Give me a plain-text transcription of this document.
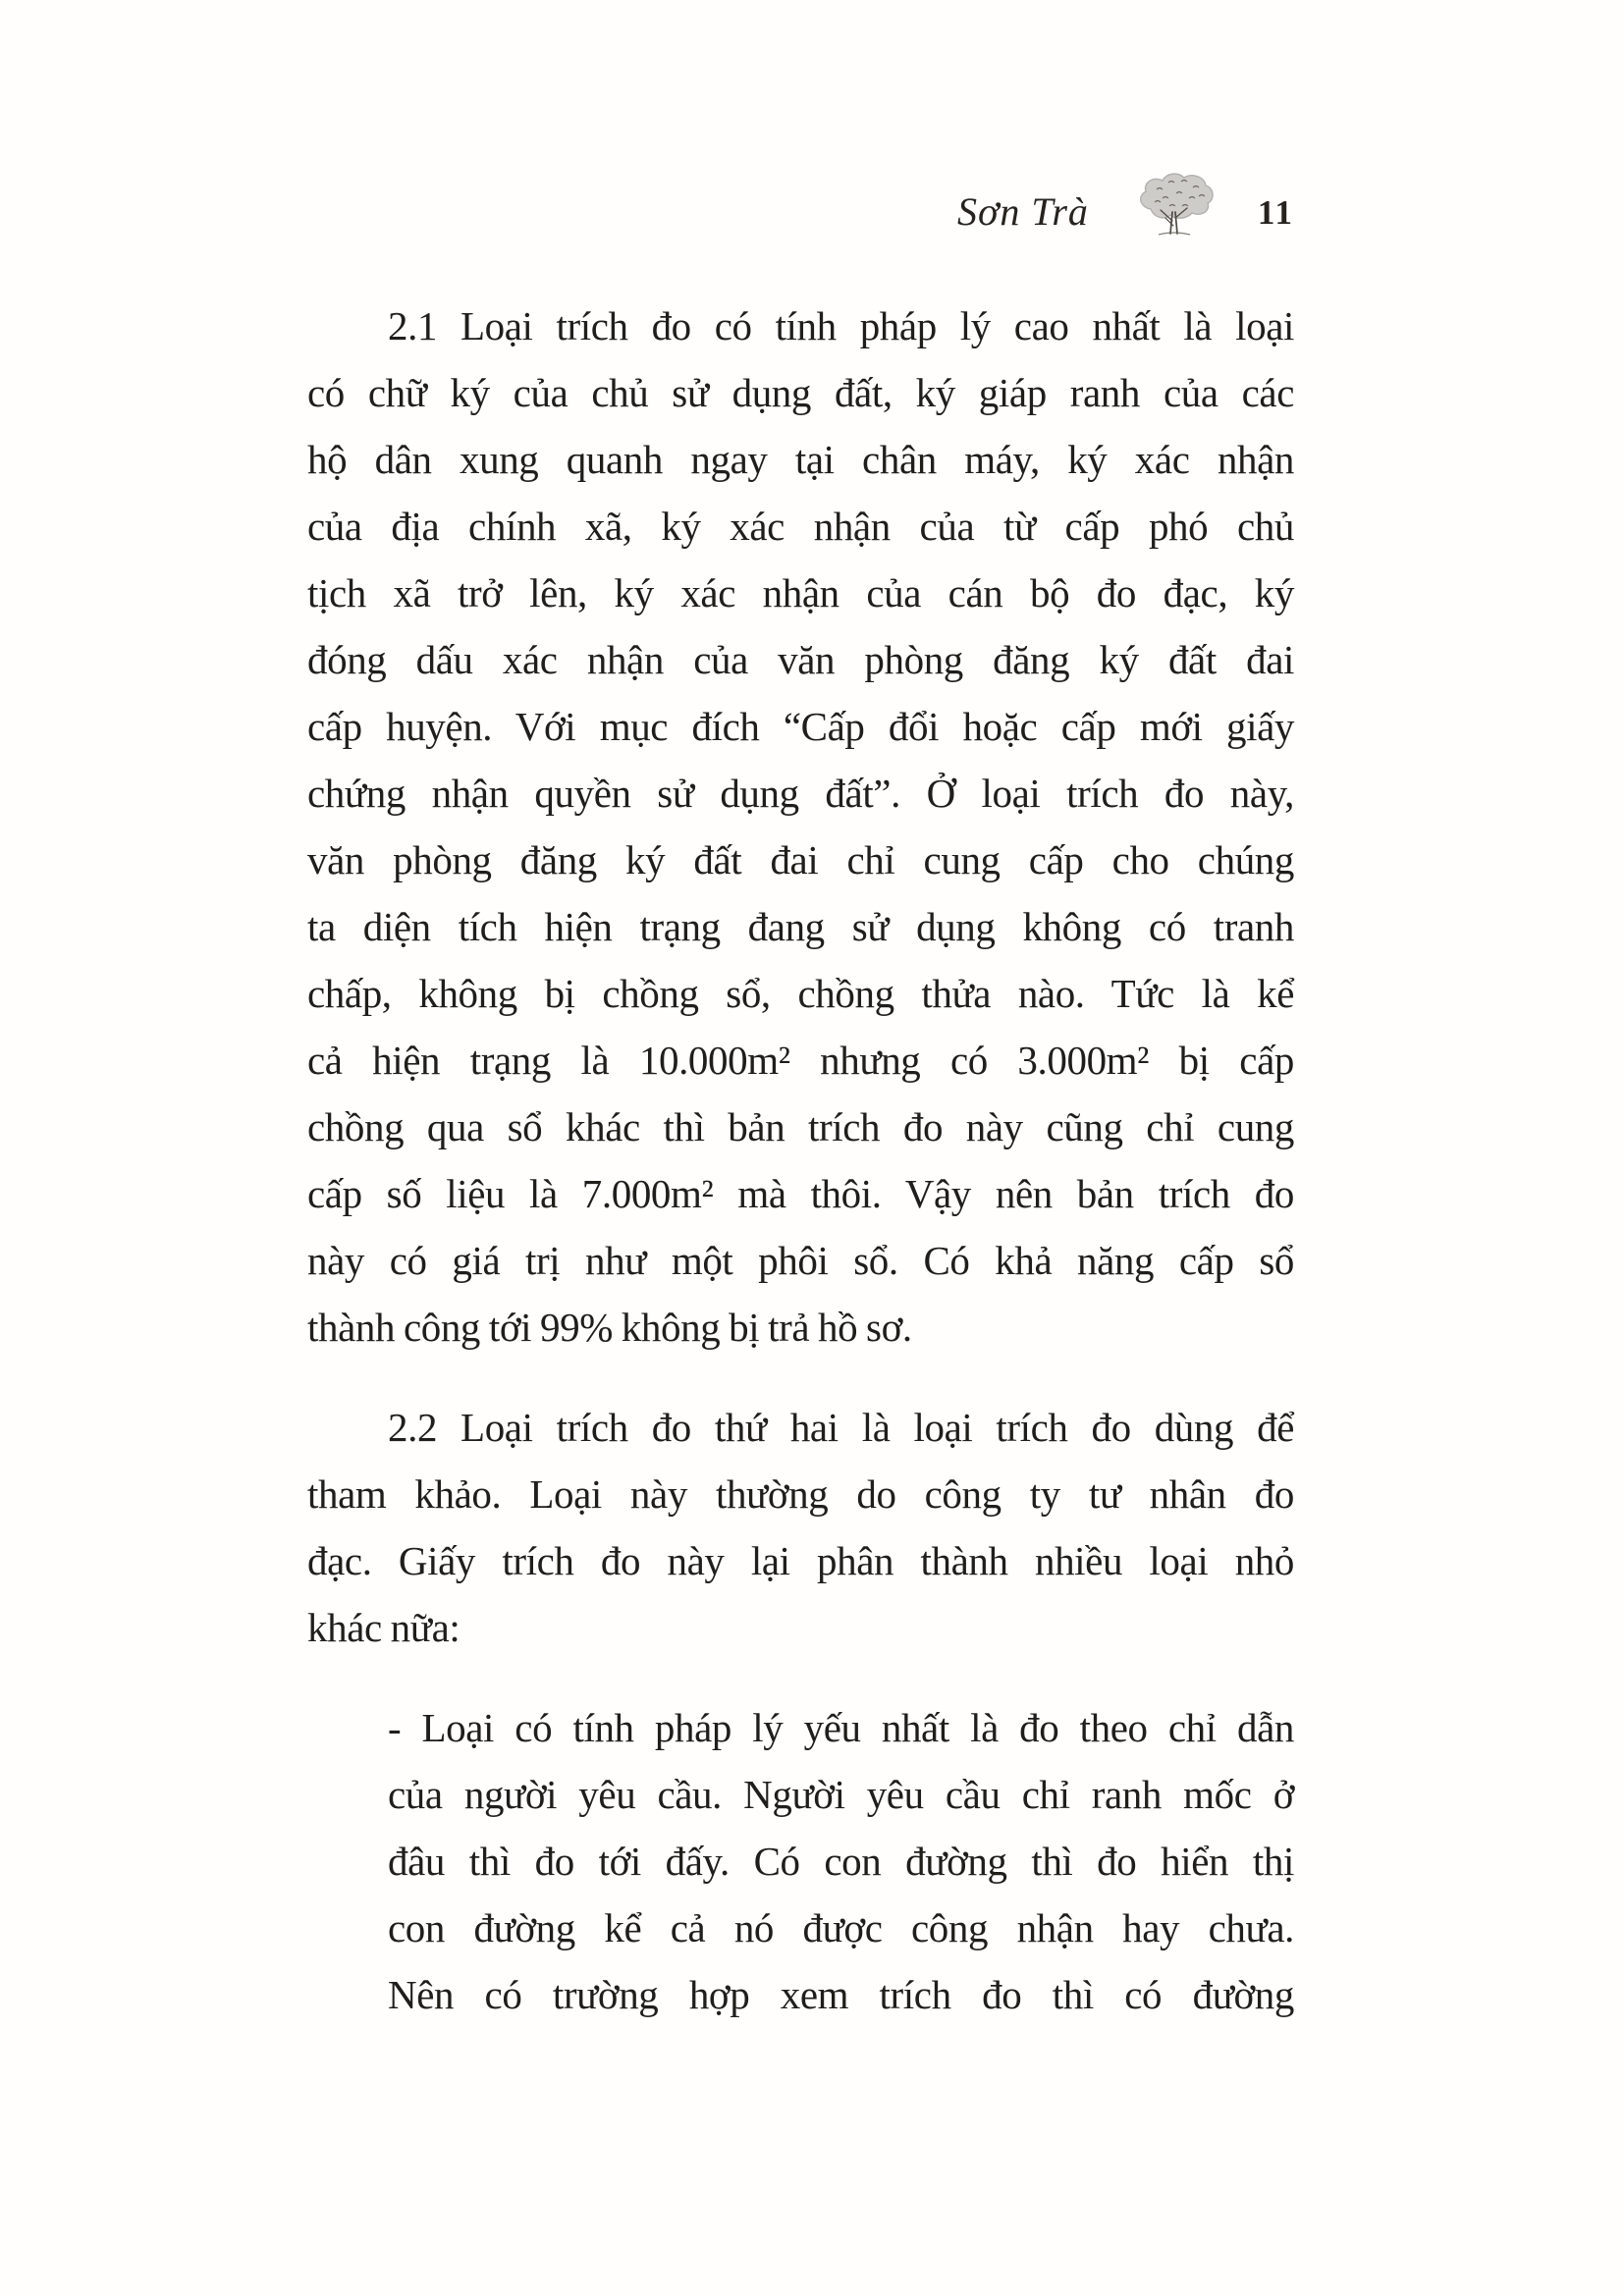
Sơn Trà	11

2.1 Loại trích đo có tính pháp lý cao nhất là loại
có chữ ký của chủ sử dụng đất, ký giáp ranh của các
hộ dân xung quanh ngay tại chân máy, ký xác nhận
của địa chính xã, ký xác nhận của từ cấp phó chủ
tịch xã trở lên, ký xác nhận của cán bộ đo đạc, ký
đóng dấu xác nhận của văn phòng đăng ký đất đai
cấp huyện. Với mục đích “Cấp đổi hoặc cấp mới giấy
chứng nhận quyền sử dụng đất”. Ở loại trích đo này,
văn phòng đăng ký đất đai chỉ cung cấp cho chúng
ta diện tích hiện trạng đang sử dụng không có tranh
chấp, không bị chồng sổ, chồng thửa nào. Tức là kể
cả hiện trạng là 10.000m² nhưng có 3.000m² bị cấp
chồng qua sổ khác thì bản trích đo này cũng chỉ cung
cấp số liệu là 7.000m² mà thôi. Vậy nên bản trích đo
này có giá trị như một phôi sổ. Có khả năng cấp sổ
thành công tới 99% không bị trả hồ sơ.

2.2 Loại trích đo thứ hai là loại trích đo dùng để
tham khảo. Loại này thường do công ty tư nhân đo
đạc. Giấy trích đo này lại phân thành nhiều loại nhỏ
khác nữa:

- Loại có tính pháp lý yếu nhất là đo theo chỉ dẫn
của người yêu cầu. Người yêu cầu chỉ ranh mốc ở
đâu thì đo tới đấy. Có con đường thì đo hiển thị
con đường kể cả nó được công nhận hay chưa.
Nên có trường hợp xem trích đo thì có đường
